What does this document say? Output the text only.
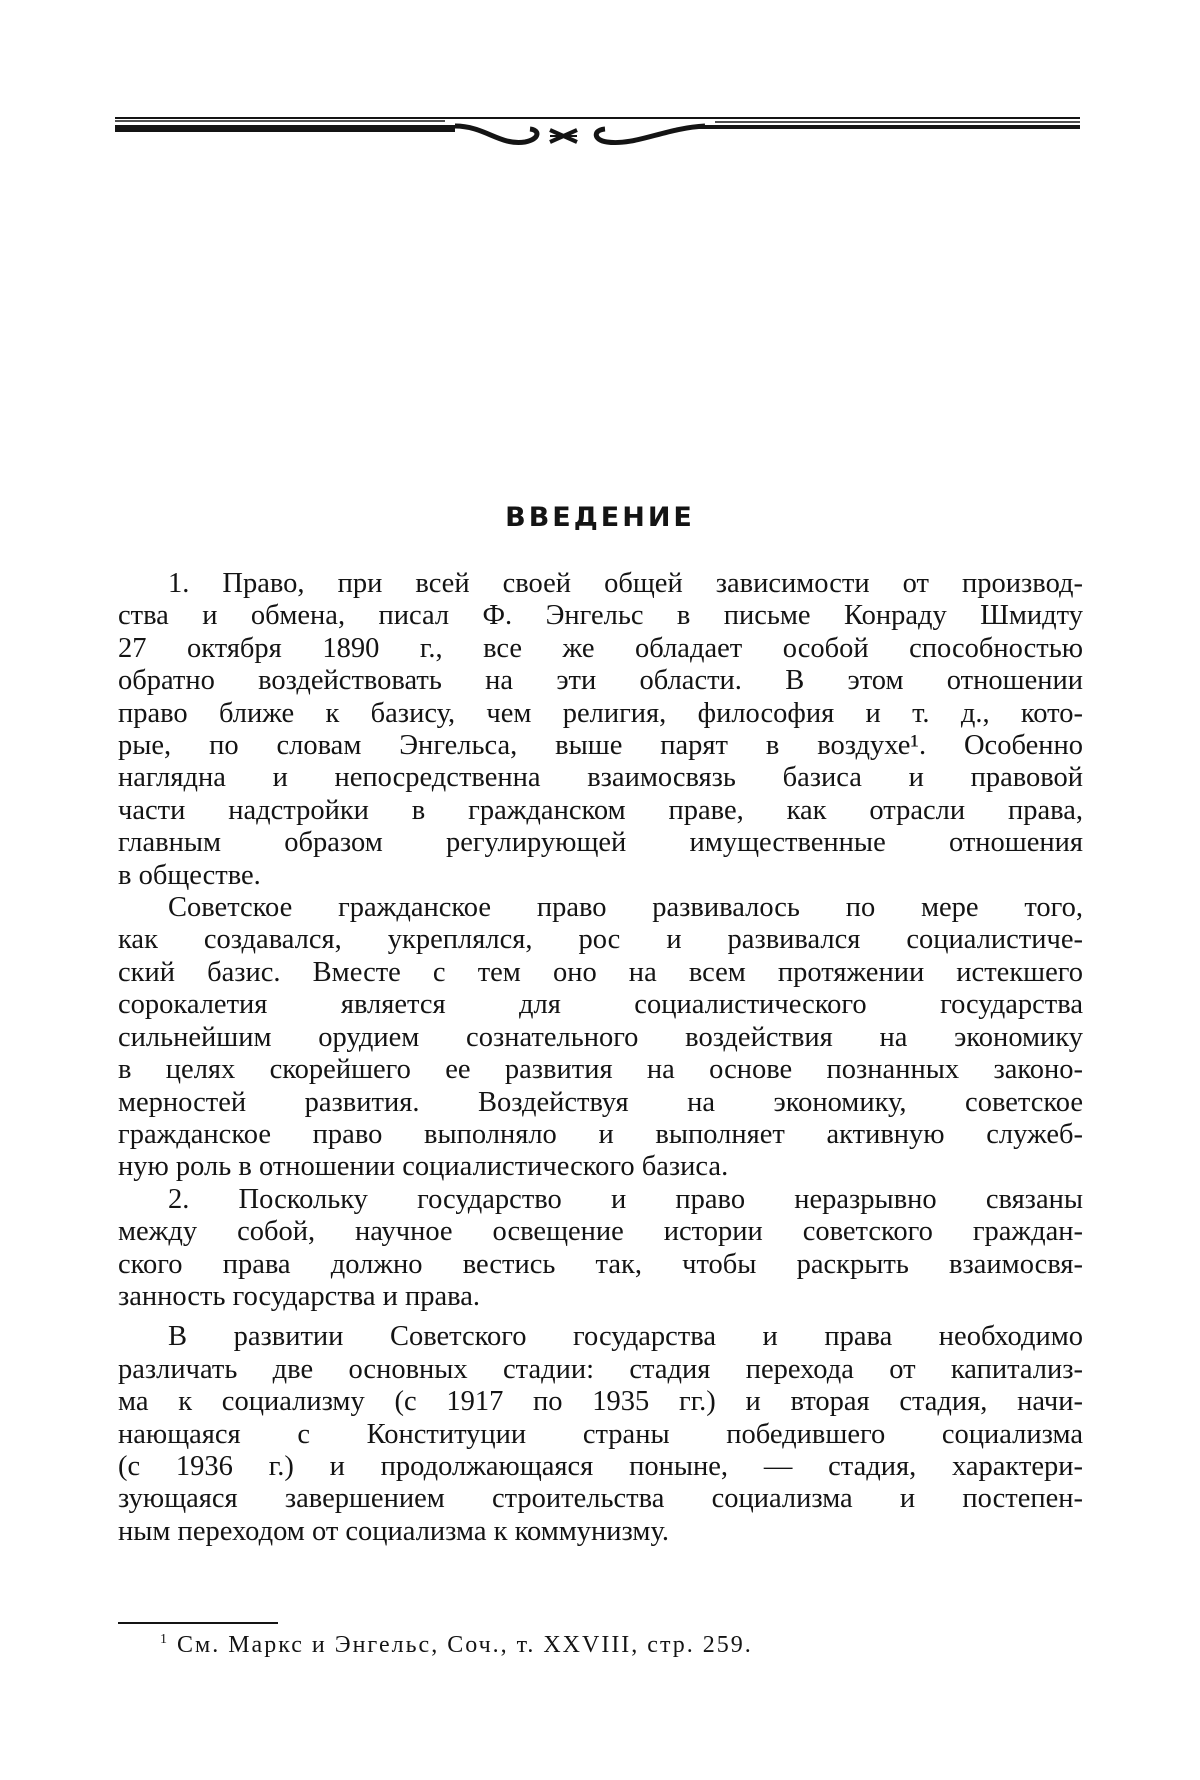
ВВЕДЕНИЕ
1. Право, при всей своей общей зависимости от производ-
ства и обмена, писал Ф. Энгельс в письме Конраду Шмидту
27 октября 1890 г., все же обладает особой способностью
обратно воздействовать на эти области. В этом отношении
право ближе к базису, чем религия, философия и т. д., кото-
рые, по словам Энгельса, выше парят в воздухе¹. Особенно
наглядна и непосредственна взаимосвязь базиса и правовой
части надстройки в гражданском праве, как отрасли права,
главным образом регулирующей имущественные отношения
в обществе.
Советское гражданское право развивалось по мере того,
как создавался, укреплялся, рос и развивался социалистиче-
ский базис. Вместе с тем оно на всем протяжении истекшего
сорокалетия является для социалистического государства
сильнейшим орудием сознательного воздействия на экономику
в целях скорейшего ее развития на основе познанных законо-
мерностей развития. Воздействуя на экономику, советское
гражданское право выполняло и выполняет активную служеб-
ную роль в отношении социалистического базиса.
2. Поскольку государство и право неразрывно связаны
между собой, научное освещение истории советского граждан-
ского права должно вестись так, чтобы раскрыть взаимосвя-
занность государства и права.
В развитии Советского государства и права необходимо
различать две основных стадии: стадия перехода от капитализ-
ма к социализму (с 1917 по 1935 гг.) и вторая стадия, начи-
нающаяся с Конституции страны победившего социализма
(с 1936 г.) и продолжающаяся поныне, — стадия, характери-
зующаяся завершением строительства социализма и постепен-
ным переходом от социализма к коммунизму.
$^1$ См. Маркс и Энгельс, Соч., т. XXVIII, стр. 259.
